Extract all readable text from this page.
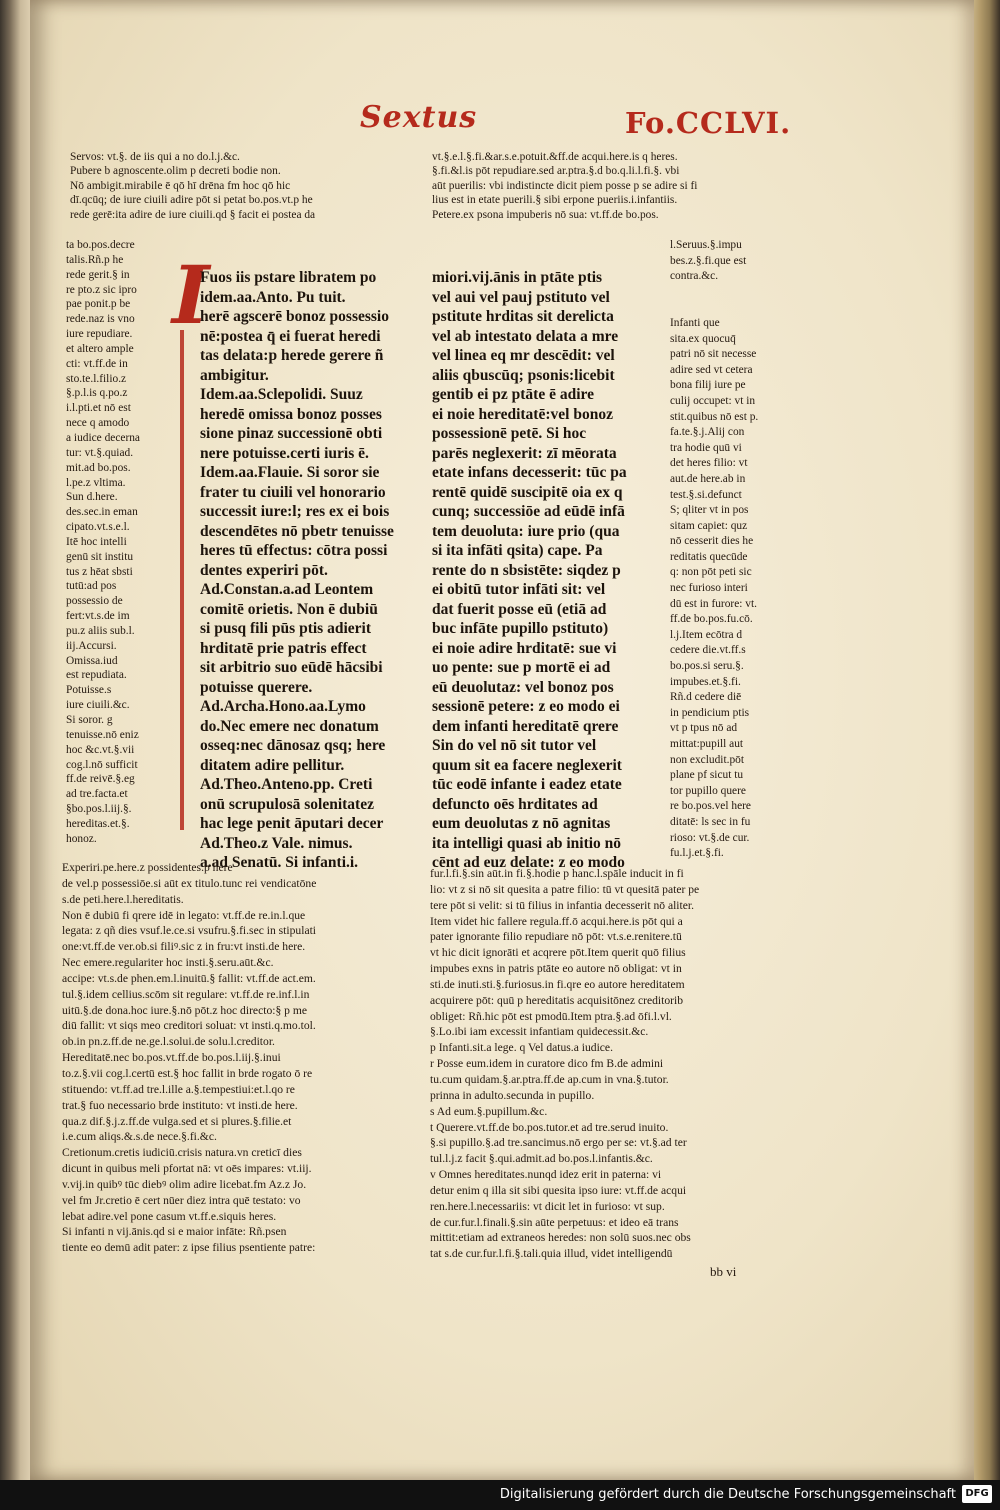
Sextus	Fo.CCLVI.
Servos: vt.§. de iis qui a no do.l.j.&c.
Pubere b agnoscente.olim p decreti bodie non.
Nō ambigit.mirabile ē qō hī drēna fm hoc qō hic
dī.qcūq; de iure ciuili adire pōt si petat bo.pos.vt.p he
rede gerē:ita adire de iure ciuili.qd § facit ei postea da
vt.§.e.l.§.fi.&ar.s.e.potuit.&ff.de acqui.here.is q heres.
§.fi.&l.is pōt repudiare.sed ar.ptra.§.d bo.q.li.l.fi.§. vbi
aūt puerilis: vbi indistincte dicit piem posse p se adire si fi
lius est in etate puerili.§ sibi erpone pueriis.i.infantiis.
Petere.ex psona impuberis nō sua: vt.ff.de bo.pos.
ta bo.pos.decre
talis.Rñ.p he
rede gerit.§ in
re pto.z sic ipro
pae ponit.p be
rede.naz is vno
iure repudiare.
et altero ample
cti: vt.ff.de in
sto.te.l.filio.z
§.p.l.is q.po.z
i.l.pti.et nō est
nece q amodo
a iudice decerna
tur: vt.§.quiad.
mit.ad bo.pos.
l.pe.z vltima.
Sun d.here.
des.sec.in eman
cipato.vt.s.e.l.
Itē hoc intelli
genū sit institu
tus z hēat sbsti
tutū:ad pos
possessio de
fert:vt.s.de im
pu.z aliis sub.l.
iij.Accursi.
Omissa.iud
est repudiata.
Potuisse.s
iure ciuili.&c.
Si soror. g
tenuisse.nō eniz
hoc &c.vt.§.vii
cog.l.nō sufficit
ff.de reivē.§.eg
ad tre.facta.et
§bo.pos.l.iij.§.
hereditas.et.§.
honoz.

I
Fuos iis pstare libratem po
idem.aa.Anto. Pu tuit.
herē agscerē bonoz possessio
nē:postea q̄ ei fuerat heredi
tas delata:p herede gerere ñ
ambigitur.
Idem.aa.Sclepolidi. Suuz
heredē omissa bonoz posses
sione pinaz successionē obti
nere potuisse.certi iuris ē.
Idem.aa.Flauie. Si soror sie
frater tu ciuili vel honorario
successit iure:l; res ex ei bois
descendētes nō pbetr tenuisse
heres tū effectus: cōtra possi
dentes experiri pōt.
Ad.Constan.a.ad Leontem
comitē orietis. Non ē dubiū
si pusq fili pūs ptis adierit
hrditatē prie patris effect
sit arbitrio suo eūdē hācsibi
potuisse querere.
Ad.Archa.Hono.aa.Lymo
do.Nec emere nec donatum
osseq:nec dānosaz qsq; here
ditatem adire pellitur.
Ad.Theo.Anteno.pp. Creti
onū scrupulosā solenitatez
hac lege penit āputari decer
Ad.Theo.z Vale. nimus.
a.ad Senatū. Si infanti.i.
miori.vij.ānis in ptāte ptis
vel aui vel pauj pstituto vel
pstitute hrditas sit derelicta
vel ab intestato delata a mre
vel linea eq mr descēdit: vel
aliis qbuscūq; psonis:licebit
gentib ei pz ptāte ē adire
ei noie hereditatē:vel bonoz
possessionē petē. Si hoc
parēs neglexerit: zī mēorata
etate infans decesserit: tūc pa
rentē quidē suscipitē oia ex q
cunq; successiōe ad eūdē infā
tem deuoluta: iure prio (qua
si ita infāti qsita) cape. Pa
rente do n sbsistēte: siqdez p
ei obitū tutor infāti sit: vel
dat fuerit posse eū (etiā ad
buc infāte pupillo pstituto)
ei noie adire hrditatē: sue vi
uo pente: sue p mortē ei ad
eū deuolutaz: vel bonoz pos
sessionē petere: z eo modo ei
dem infanti hereditatē qrere
Sin do vel nō sit tutor vel
quum sit ea facere neglexerit
tūc eodē infante i eadez etate
defuncto oēs hrditates ad
eum deuolutas z nō agnitas
ita intelligi quasi ab initio nō
cēnt ad euz delate: z eo modo
l.Seruus.§.impu
bes.z.§.fi.que est
contra.&c.

Infanti que
sita.ex quocuq̄
patri nō sit necesse
adire sed vt cetera
bona filij iure pe
culij occupet: vt in
stit.quibus nō est p.
fa.te.§.j.Alij con
tra hodie quū vi
det heres filio: vt
aut.de here.ab in
test.§.si.defunct
S; qliter vt in pos
sitam capiet: quz
nō cesserit dies he
reditatis quecūde
q: non pōt peti sic
nec furioso interi
dū est in furore: vt.
ff.de bo.pos.fu.cō.
l.j.Item ecōtra d
cedere die.vt.ff.s
bo.pos.si seru.§.
impubes.et.§.fi.
Rñ.d cedere diē
in pendicium ptis
vt p tpus nō ad
mittat:pupill aut
non excludit.pōt
plane pf sicut tu
tor pupillo quere
re bo.pos.vel here
ditatē: ls sec in fu
rioso: vt.§.de cur.
fu.l.j.et.§.fi.
Experiri.pe.here.z possidentes.p here
de vel.p possessiōe.si aūt ex titulo.tunc rei vendicatōne
s.de peti.here.l.hereditatis.
Non ē dubiū fi qrere idē in legato: vt.ff.de re.in.l.que
legata: z qñ dies vsuf.le.ce.si vsufru.§.fi.sec in stipulati
one:vt.ff.de ver.ob.si filiꝰ.sic z in fru:vt insti.de here.
Nec emere.regulariter hoc insti.§.seru.aūt.&c.
accipe: vt.s.de phen.em.l.inuitū.§ fallit: vt.ff.de act.em.
tul.§.idem cellius.scōm sit regulare: vt.ff.de re.inf.l.in
uitū.§.de dona.hoc iure.§.nō pōt.z hoc directo:§ p me
diū fallit: vt siqs meo creditori soluat: vt insti.q.mo.tol.
ob.in pn.z.ff.de ne.ge.l.solui.de solu.l.creditor.
Hereditatē.nec bo.pos.vt.ff.de bo.pos.l.iij.§.inui
to.z.§.vii cog.l.certū est.§ hoc fallit in brde rogato ō re
stituendo: vt.ff.ad tre.l.ille a.§.tempestiui:et.l.qo re
trat.§ fuo necessario brde instituto: vt insti.de here.
qua.z dif.§.j.z.ff.de vulga.sed et si plures.§.filie.et
i.e.cum aliqs.&.s.de nece.§.fi.&c.
Cretionum.cretis iudiciū.crisis natura.vn creticī dies
dicunt in quibus meli pfortat nā: vt oēs impares: vt.iij.
v.vij.in quibꝰ tūc diebꝰ olim adire licebat.fm Az.z Jo.
vel fm Jr.cretio ē cert nūer diez intra quē testato: vo
lebat adire.vel pone casum vt.ff.e.siquis heres.
Si infanti n vij.ānis.qd si e maior infāte: Rñ.psen
tiente eo demū adit pater: z ipse filius psentiente patre:
fur.l.fi.§.sin aūt.in fi.§.hodie p hanc.l.spāle inducit in fi
lio: vt z si nō sit quesita a patre filio: tū vt quesitā pater pe
tere pōt si velit: si tū filius in infantia decesserit nō aliter.
Item videt hic fallere regula.ff.ō acqui.here.is pōt qui a
pater ignorante filio repudiare nō pōt: vt.s.e.renitere.tū
vt hic dicit ignorāti et acqrere pōt.Item querit quō filius
impubes exns in patris ptāte eo autore nō obligat: vt in
sti.de inuti.sti.§.furiosus.in fi.qre eo autore hereditatem
acquirere pōt: quū p hereditatis acquisitōnez creditorib
obliget: Rñ.hic pōt est pmodū.Item ptra.§.ad ōfi.l.vl.
§.Lo.ibi iam excessit infantiam quidecessit.&c.
p Infanti.sit.a lege. q Vel datus.a iudice.
r Posse eum.idem in curatore dico fm B.de admini
tu.cum quidam.§.ar.ptra.ff.de ap.cum in vna.§.tutor.
prinna in adulto.secunda in pupillo.
s Ad eum.§.pupillum.&c.
t Querere.vt.ff.de bo.pos.tutor.et ad tre.serud inuito.
§.si pupillo.§.ad tre.sancimus.nō ergo per se: vt.§.ad ter
tul.l.j.z facit §.qui.admit.ad bo.pos.l.infantis.&c.
v Omnes hereditates.nunqd idez erit in paterna: vi
detur enim q illa sit sibi quesita ipso iure: vt.ff.de acqui
ren.here.l.necessariis: vt dicit let in furioso: vt sup.
de cur.fur.l.finali.§.sin aūte perpetuus: et ideo eā trans
mittit:etiam ad extraneos heredes: non solū suos.nec obs
tat s.de cur.fur.l.fi.§.tali.quia illud, videt intelligendū
bb vi
Digitalisierung gefördert durch die Deutsche Forschungsgemeinschaft DFG
